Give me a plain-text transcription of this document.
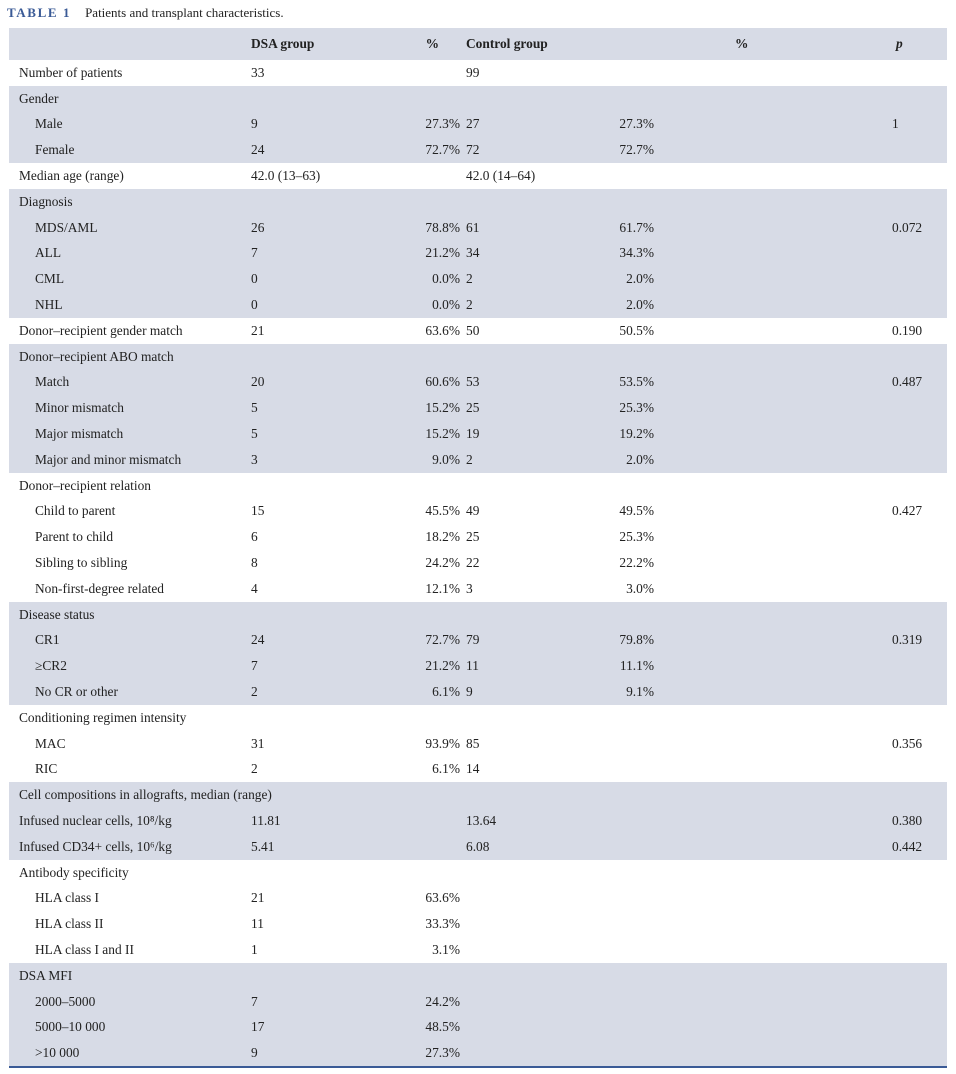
TABLE 1 Patients and transplant characteristics.
	DSA group	%	Control group	%	p
Number of patients	33		99		
Gender					
Male	9	27.3%	27	27.3%	1
Female	24	72.7%	72	72.7%	
Median age (range)	42.0 (13–63)		42.0 (14–64)		
Diagnosis					
MDS/AML	26	78.8%	61	61.7%	0.072
ALL	7	21.2%	34	34.3%	
CML	0	0.0%	2	2.0%	
NHL	0	0.0%	2	2.0%	
Donor–recipient gender match	21	63.6%	50	50.5%	0.190
Donor–recipient ABO match					
Match	20	60.6%	53	53.5%	0.487
Minor mismatch	5	15.2%	25	25.3%	
Major mismatch	5	15.2%	19	19.2%	
Major and minor mismatch	3	9.0%	2	2.0%	
Donor–recipient relation					
Child to parent	15	45.5%	49	49.5%	0.427
Parent to child	6	18.2%	25	25.3%	
Sibling to sibling	8	24.2%	22	22.2%	
Non-first-degree related	4	12.1%	3	3.0%	
Disease status					
CR1	24	72.7%	79	79.8%	0.319
≥CR2	7	21.2%	11	11.1%	
No CR or other	2	6.1%	9	9.1%	
Conditioning regimen intensity					
MAC	31	93.9%	85		0.356
RIC	2	6.1%	14		
Cell compositions in allografts, median (range)					
Infused nuclear cells, 10⁸/kg	11.81		13.64		0.380
Infused CD34+ cells, 10⁶/kg	5.41		6.08		0.442
Antibody specificity					
HLA class I	21	63.6%			
HLA class II	11	33.3%			
HLA class I and II	1	3.1%			
DSA MFI					
2000–5000	7	24.2%			
5000–10 000	17	48.5%			
>10 000	9	27.3%			
